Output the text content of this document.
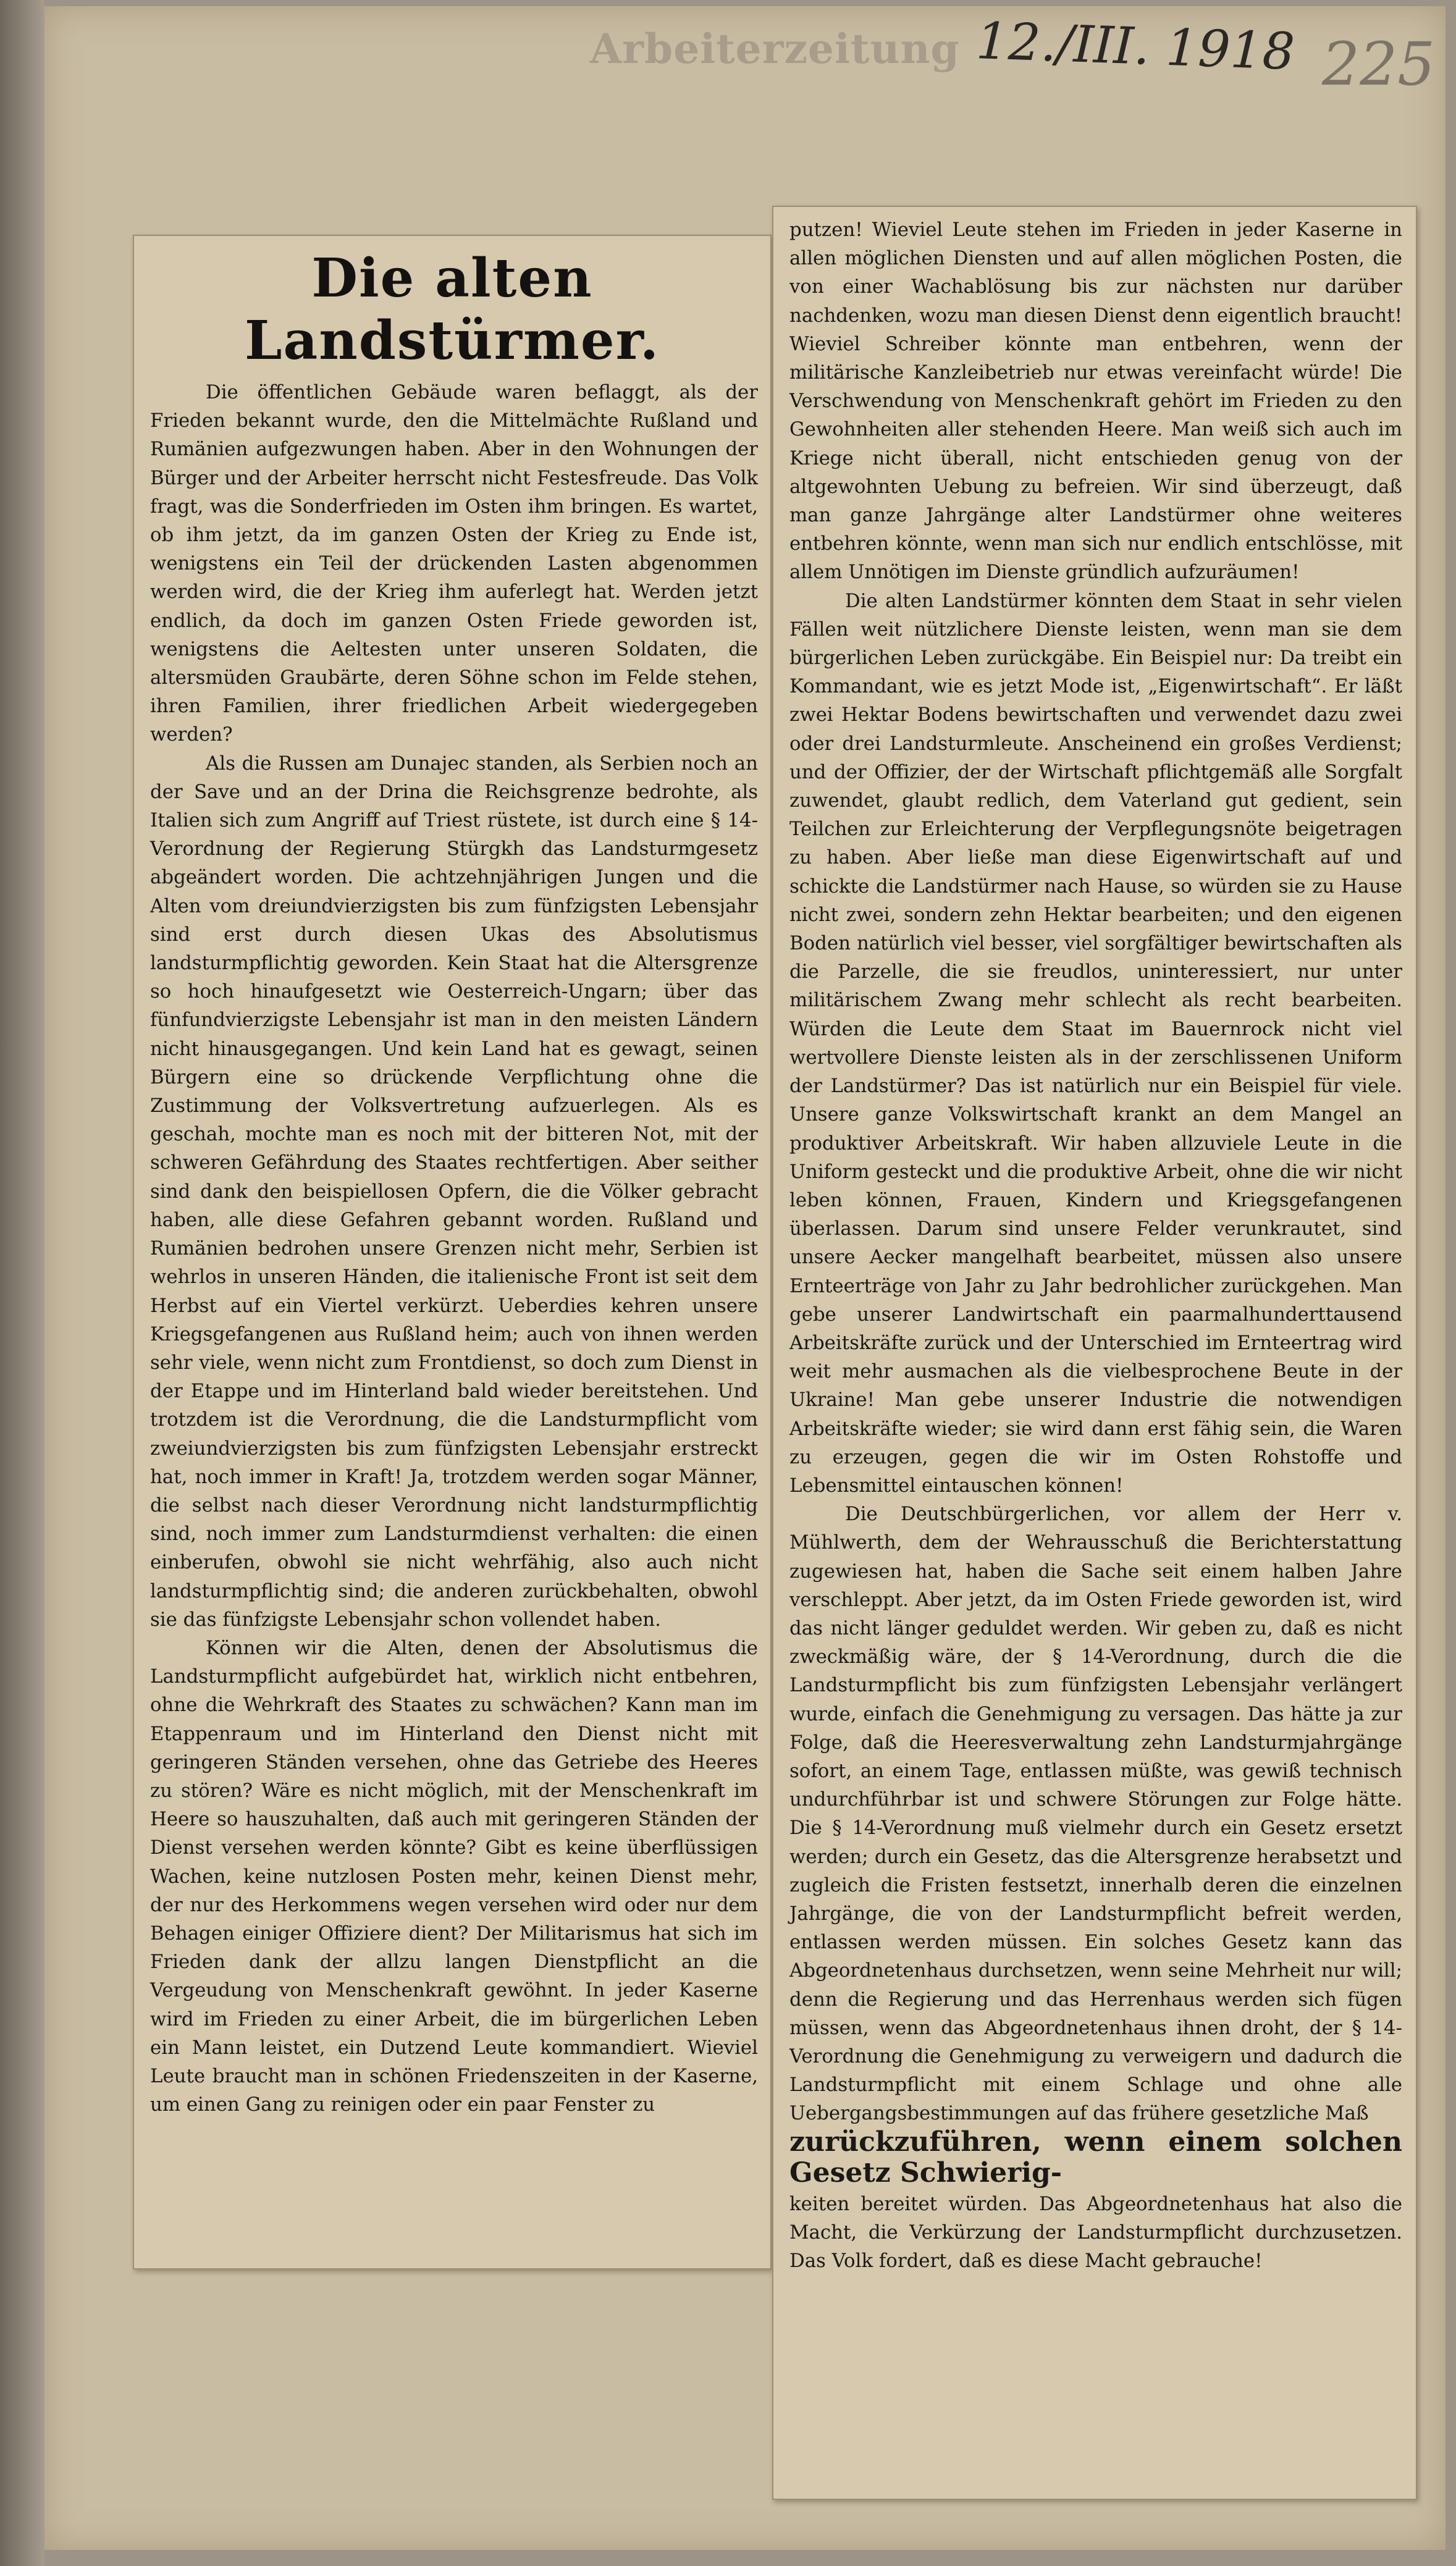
Arbeiterzeitung 12./III. 1918 225
Die alten Landstürmer.

Die öffentlichen Gebäude waren beflaggt, als der Frieden bekannt wurde, den die Mittelmächte Rußland und Rumänien aufgezwungen haben. Aber in den Wohnungen der Bürger und der Arbeiter herrscht nicht Festesfreude. Das Volk fragt, was die Sonderfrieden im Osten ihm bringen. Es wartet, ob ihm jetzt, da im ganzen Osten der Krieg zu Ende ist, wenigstens ein Teil der drückenden Lasten abgenommen werden wird, die der Krieg ihm auferlegt hat. Werden jetzt endlich, da doch im ganzen Osten Friede geworden ist, wenigstens die Aeltesten unter unseren Soldaten, die altersmüden Graubärte, deren Söhne schon im Felde stehen, ihren Familien, ihrer friedlichen Arbeit wiedergegeben werden?

Als die Russen am Dunajec standen, als Serbien noch an der Save und an der Drina die Reichsgrenze bedrohte, als Italien sich zum Angriff auf Triest rüstete, ist durch eine § 14-Verordnung der Regierung Stürgkh das Landsturmgesetz abgeändert worden. Die achtzehnjährigen Jungen und die Alten vom dreiundvierzigsten bis zum fünfzigsten Lebensjahr sind erst durch diesen Ukas des Absolutismus landsturmpflichtig geworden. Kein Staat hat die Altersgrenze so hoch hinaufgesetzt wie Oesterreich-Ungarn; über das fünfundvierzigste Lebensjahr ist man in den meisten Ländern nicht hinausgegangen. Und kein Land hat es gewagt, seinen Bürgern eine so drückende Verpflichtung ohne die Zustimmung der Volksvertretung aufzuerlegen. Als es geschah, mochte man es noch mit der bitteren Not, mit der schweren Gefährdung des Staates rechtfertigen. Aber seither sind dank den beispiellosen Opfern, die die Völker gebracht haben, alle diese Gefahren gebannt worden. Rußland und Rumänien bedrohen unsere Grenzen nicht mehr, Serbien ist wehrlos in unseren Händen, die italienische Front ist seit dem Herbst auf ein Viertel verkürzt. Ueberdies kehren unsere Kriegsgefangenen aus Rußland heim; auch von ihnen werden sehr viele, wenn nicht zum Frontdienst, so doch zum Dienst in der Etappe und im Hinterland bald wieder bereitstehen. Und trotzdem ist die Verordnung, die die Landsturmpflicht vom zweiundvierzigsten bis zum fünfzigsten Lebensjahr erstreckt hat, noch immer in Kraft! Ja, trotzdem werden sogar Männer, die selbst nach dieser Verordnung nicht landsturmpflichtig sind, noch immer zum Landsturmdienst verhalten: die einen einberufen, obwohl sie nicht wehrfähig, also auch nicht landsturmpflichtig sind; die anderen zurückbehalten, obwohl sie das fünfzigste Lebensjahr schon vollendet haben.

Können wir die Alten, denen der Absolutismus die Landsturmpflicht aufgebürdet hat, wirklich nicht entbehren, ohne die Wehrkraft des Staates zu schwächen? Kann man im Etappenraum und im Hinterland den Dienst nicht mit geringeren Ständen versehen, ohne das Getriebe des Heeres zu stören? Wäre es nicht möglich, mit der Menschenkraft im Heere so hauszuhalten, daß auch mit geringeren Ständen der Dienst versehen werden könnte? Gibt es keine überflüssigen Wachen, keine nutzlosen Posten mehr, keinen Dienst mehr, der nur des Herkommens wegen versehen wird oder nur dem Behagen einiger Offiziere dient? Der Militarismus hat sich im Frieden dank der allzu langen Dienstpflicht an die Vergeudung von Menschenkraft gewöhnt. In jeder Kaserne wird im Frieden zu einer Arbeit, die im bürgerlichen Leben ein Mann leistet, ein Dutzend Leute kommandiert. Wieviel Leute braucht man in schönen Friedenszeiten in der Kaserne, um einen Gang zu reinigen oder ein paar Fenster zu

putzen! Wieviel Leute stehen im Frieden in jeder Kaserne in allen möglichen Diensten und auf allen möglichen Posten, die von einer Wachablösung bis zur nächsten nur darüber nachdenken, wozu man diesen Dienst denn eigentlich braucht! Wieviel Schreiber könnte man entbehren, wenn der militärische Kanzleibetrieb nur etwas vereinfacht würde! Die Verschwendung von Menschenkraft gehört im Frieden zu den Gewohnheiten aller stehenden Heere. Man weiß sich auch im Kriege nicht überall, nicht entschieden genug von der altgewohnten Uebung zu befreien. Wir sind überzeugt, daß man ganze Jahrgänge alter Landstürmer ohne weiteres entbehren könnte, wenn man sich nur endlich entschlösse, mit allem Unnötigen im Dienste gründlich aufzuräumen!

Die alten Landstürmer könnten dem Staat in sehr vielen Fällen weit nützlichere Dienste leisten, wenn man sie dem bürgerlichen Leben zurückgäbe. Ein Beispiel nur: Da treibt ein Kommandant, wie es jetzt Mode ist, „Eigenwirtschaft“. Er läßt zwei Hektar Bodens bewirtschaften und verwendet dazu zwei oder drei Landsturmleute. Anscheinend ein großes Verdienst; und der Offizier, der der Wirtschaft pflichtgemäß alle Sorgfalt zuwendet, glaubt redlich, dem Vaterland gut gedient, sein Teilchen zur Erleichterung der Verpflegungsnöte beigetragen zu haben. Aber ließe man diese Eigenwirtschaft auf und schickte die Landstürmer nach Hause, so würden sie zu Hause nicht zwei, sondern zehn Hektar bearbeiten; und den eigenen Boden natürlich viel besser, viel sorgfältiger bewirtschaften als die Parzelle, die sie freudlos, uninteressiert, nur unter militärischem Zwang mehr schlecht als recht bearbeiten. Würden die Leute dem Staat im Bauernrock nicht viel wertvollere Dienste leisten als in der zerschlissenen Uniform der Landstürmer? Das ist natürlich nur ein Beispiel für viele. Unsere ganze Volkswirtschaft krankt an dem Mangel an produktiver Arbeitskraft. Wir haben allzuviele Leute in die Uniform gesteckt und die produktive Arbeit, ohne die wir nicht leben können, Frauen, Kindern und Kriegsgefangenen überlassen. Darum sind unsere Felder verunkrautet, sind unsere Aecker mangelhaft bearbeitet, müssen also unsere Ernteerträge von Jahr zu Jahr bedrohlicher zurückgehen. Man gebe unserer Landwirtschaft ein paarmalhunderttausend Arbeitskräfte zurück und der Unterschied im Ernteertrag wird weit mehr ausmachen als die vielbesprochene Beute in der Ukraine! Man gebe unserer Industrie die notwendigen Arbeitskräfte wieder; sie wird dann erst fähig sein, die Waren zu erzeugen, gegen die wir im Osten Rohstoffe und Lebensmittel eintauschen können!

Die Deutschbürgerlichen, vor allem der Herr v. Mühlwerth, dem der Wehrausschuß die Berichterstattung zugewiesen hat, haben die Sache seit einem halben Jahre verschleppt. Aber jetzt, da im Osten Friede geworden ist, wird das nicht länger geduldet werden. Wir geben zu, daß es nicht zweckmäßig wäre, der § 14-Verordnung, durch die die Landsturmpflicht bis zum fünfzigsten Lebensjahr verlängert wurde, einfach die Genehmigung zu versagen. Das hätte ja zur Folge, daß die Heeresverwaltung zehn Landsturmjahrgänge sofort, an einem Tage, entlassen müßte, was gewiß technisch undurchführbar ist und schwere Störungen zur Folge hätte. Die § 14-Verordnung muß vielmehr durch ein Gesetz ersetzt werden; durch ein Gesetz, das die Altersgrenze herabsetzt und zugleich die Fristen festsetzt, innerhalb deren die einzelnen Jahrgänge, die von der Landsturmpflicht befreit werden, entlassen werden müssen. Ein solches Gesetz kann das Abgeordnetenhaus durchsetzen, wenn seine Mehrheit nur will; denn die Regierung und das Herrenhaus werden sich fügen müssen, wenn das Abgeordnetenhaus ihnen droht, der § 14-Verordnung die Genehmigung zu verweigern und dadurch die Landsturmpflicht mit einem Schlage und ohne alle Uebergangsbestimmungen auf das frühere gesetzliche Maß

zurückzuführen, wenn einem solchen Gesetz Schwierig-

keiten bereitet würden. Das Abgeordnetenhaus hat also die Macht, die Verkürzung der Landsturmpflicht durchzusetzen. Das Volk fordert, daß es diese Macht gebrauche!
